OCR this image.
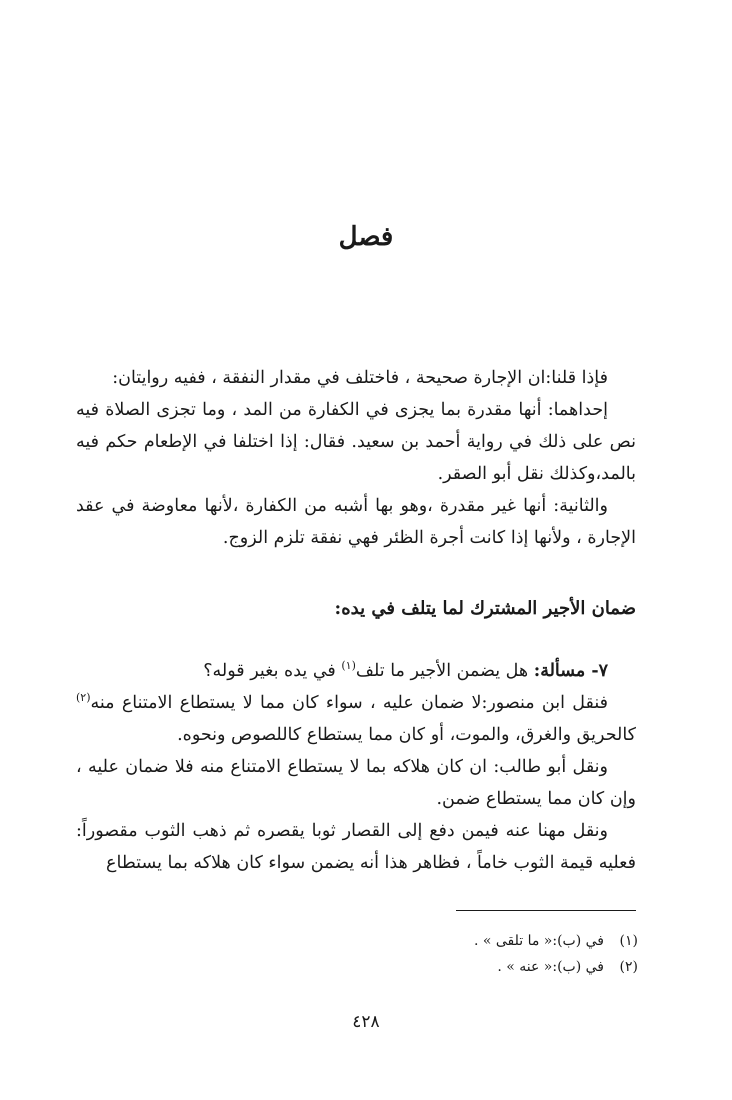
فصل

فإذا قلنا:ان الإجارة صحيحة ، فاختلف في مقدار النفقة ، ففيه روايتان:

إحداهما: أنها مقدرة بما يجزى في الكفارة من المد ، وما تجزى الصلاة فيه نص على ذلك في رواية أحمد بن سعيد. فقال: إذا اختلفا في الإطعام حكم فيه بالمد،وكذلك نقل أبو الصقر.

والثانية: أنها غير مقدرة ،وهو بها أشبه من الكفارة ،لأنها معاوضة في عقد الإجارة ، ولأنها إذا كانت أجرة الظئر فهي نفقة تلزم الزوج.

ضمان الأجير المشترك لما يتلف في يده:

٧- مسألة: هل يضمن الأجير ما تلف$^{(١)}$ في يده بغير قوله؟

فنقل ابن منصور:لا ضمان عليه ، سواء كان مما لا يستطاع الامتناع منه$^{(٢)}$ كالحريق والغرق، والموت، أو كان مما يستطاع كاللصوص ونحوه.

ونقل أبو طالب: ان كان هلاكه بما لا يستطاع الامتناع منه فلا ضمان عليه ، وإن كان مما يستطاع ضمن.

ونقل مهنا عنه فيمن دفع إلى القصار ثوبا يقصره ثم ذهب الثوب مقصوراً: فعليه قيمة الثوب خاماً ، فظاهر هذا أنه يضمن سواء كان هلاكه بما يستطاع

(١)في (ب):« ما تلقى » .

(٢)في (ب):« عنه » .

٤٢٨
